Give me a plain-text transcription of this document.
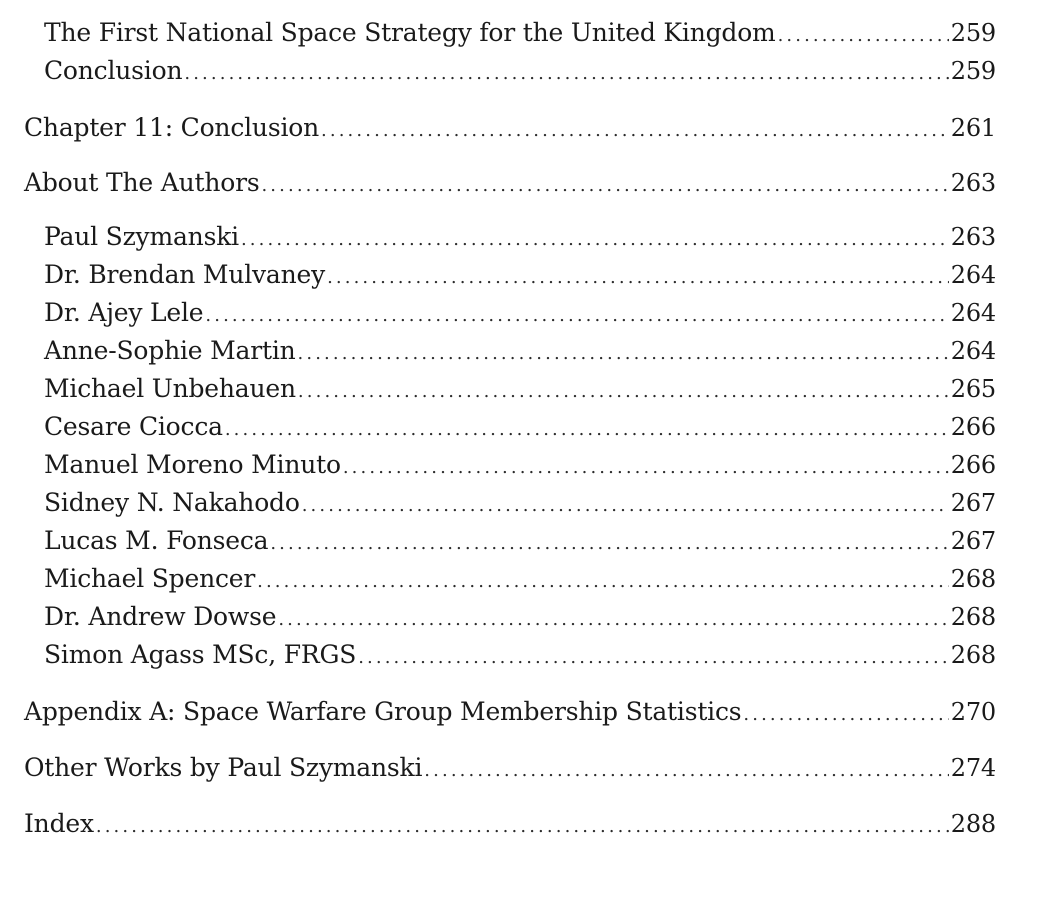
The First National Space Strategy for the United Kingdom . . .	259
Conclusion . . .	259
Chapter 11: Conclusion . . .	261
About The Authors . . .	263
Paul Szymanski . . .	263
Dr. Brendan Mulvaney . . .	264
Dr. Ajey Lele . . .	264
Anne-Sophie Martin . . .	264
Michael Unbehauen . . .	265
Cesare Ciocca . . .	266
Manuel Moreno Minuto . . .	266
Sidney N. Nakahodo . . .	267
Lucas M. Fonseca . . .	267
Michael Spencer . . .	268
Dr. Andrew Dowse . . .	268
Simon Agass MSc, FRGS . . .	268
Appendix A: Space Warfare Group Membership Statistics . . .	270
Other Works by Paul Szymanski . . .	274
Index . . .	288
